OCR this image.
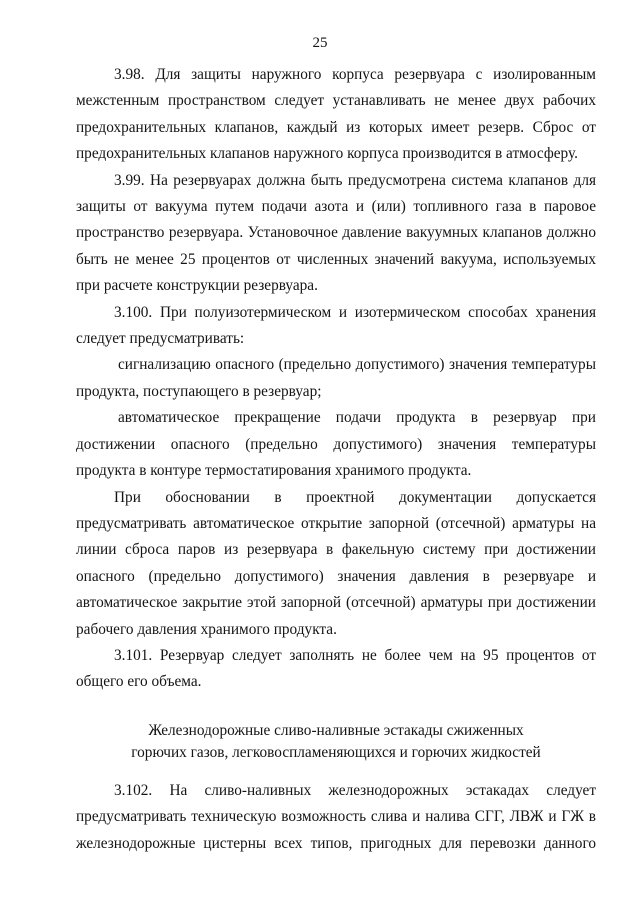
25

3.98. Для защиты наружного корпуса резервуара с изолированным
межстенным пространством следует устанавливать не менее двух рабочих
предохранительных клапанов, каждый из которых имеет резерв. Сброс от
предохранительных клапанов наружного корпуса производится в атмосферу.

3.99. На резервуарах должна быть предусмотрена система клапанов для
защиты от вакуума путем подачи азота и (или) топливного газа в паровое
пространство резервуара. Установочное давление вакуумных клапанов должно
быть не менее 25 процентов от численных значений вакуума, используемых
при расчете конструкции резервуара.

3.100. При полуизотермическом и изотермическом способах хранения
следует предусматривать:

сигнализацию опасного (предельно допустимого) значения температуры
продукта, поступающего в резервуар;

автоматическое прекращение подачи продукта в резервуар при
достижении опасного (предельно допустимого) значения температуры
продукта в контуре термостатирования хранимого продукта.

При обосновании в проектной документации допускается
предусматривать автоматическое открытие запорной (отсечной) арматуры на
линии сброса паров из резервуара в факельную систему при достижении
опасного (предельно допустимого) значения давления в резервуаре и
автоматическое закрытие этой запорной (отсечной) арматуры при достижении
рабочего давления хранимого продукта.

3.101. Резервуар следует заполнять не более чем на 95 процентов от
общего его объема.

Железнодорожные сливо-наливные эстакады сжиженных
горючих газов, легковоспламеняющихся и горючих жидкостей

3.102. На сливо-наливных железнодорожных эстакадах следует
предусматривать техническую возможность слива и налива СГГ, ЛВЖ и ГЖ в
железнодорожные цистерны всех типов, пригодных для перевозки данного
